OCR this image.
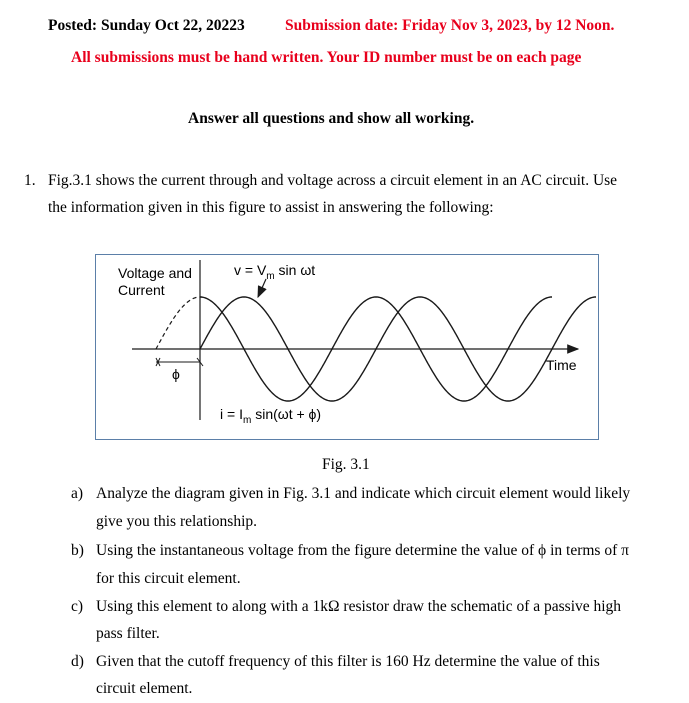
Posted: Sunday Oct 22, 20223	Submission date: Friday Nov 3, 2023, by 12 Noon.
All submissions must be hand written. Your ID number must be on each page
Answer all questions and show all working.
1. Fig.3.1 shows the current through and voltage across a circuit element in an AC circuit. Use
the information given in this figure to assist in answering the following:
ϕ
Voltage and
Current
$v = V_m$ sin ωt
$i = I_m$ sin(ωt + ϕ)
Time
Fig. 3.1
a) Analyze the diagram given in Fig. 3.1 and indicate which circuit element would likely
give you this relationship.
b) Using the instantaneous voltage from the figure determine the value of ϕ in terms of π
for this circuit element.
c) Using this element to along with a 1kΩ resistor draw the schematic of a passive high
pass filter.
d) Given that the cutoff frequency of this filter is 160 Hz determine the value of this
circuit element.
